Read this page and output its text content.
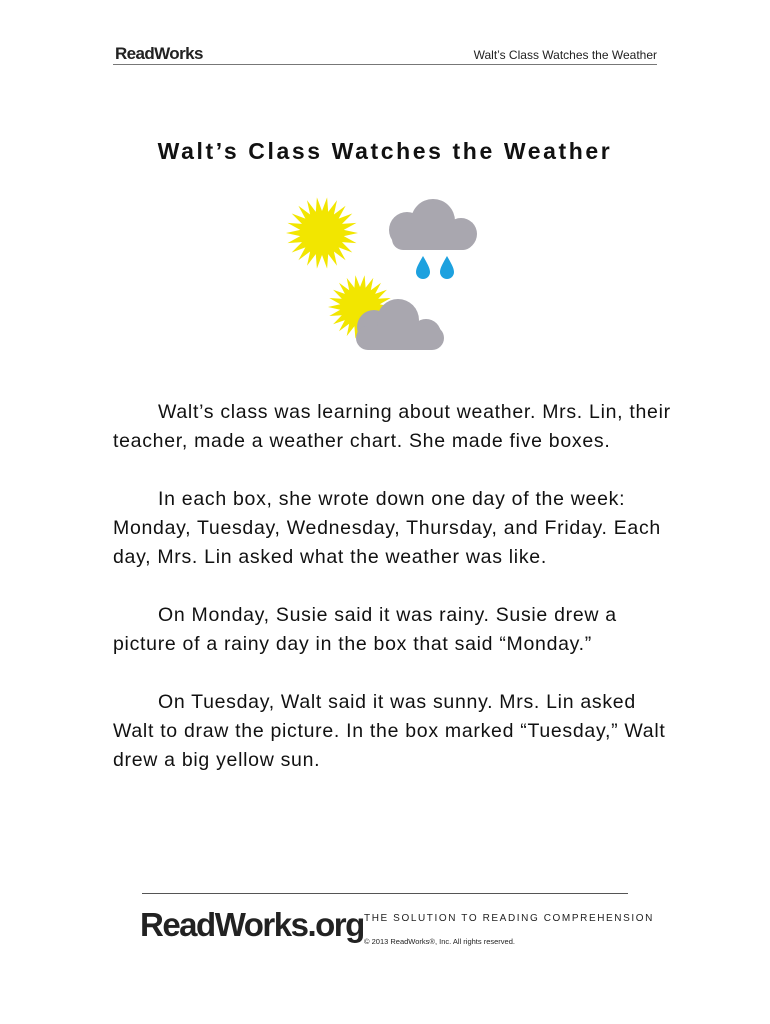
ReadWorks	Walt’s Class Watches the Weather
Walt’s Class Watches the Weather

Walt’s class was learning about weather. Mrs. Lin, their teacher, made a weather chart. She made five boxes.

In each box, she wrote down one day of the week: Monday, Tuesday, Wednesday, Thursday, and Friday. Each day, Mrs. Lin asked what the weather was like.

On Monday, Susie said it was rainy. Susie drew a picture of a rainy day in the box that said “Monday.”

On Tuesday, Walt said it was sunny. Mrs. Lin asked Walt to draw the picture. In the box marked “Tuesday,” Walt drew a big yellow sun.

ReadWorks.org THE SOLUTION TO READING COMPREHENSION
© 2013 ReadWorks®, Inc. All rights reserved.
